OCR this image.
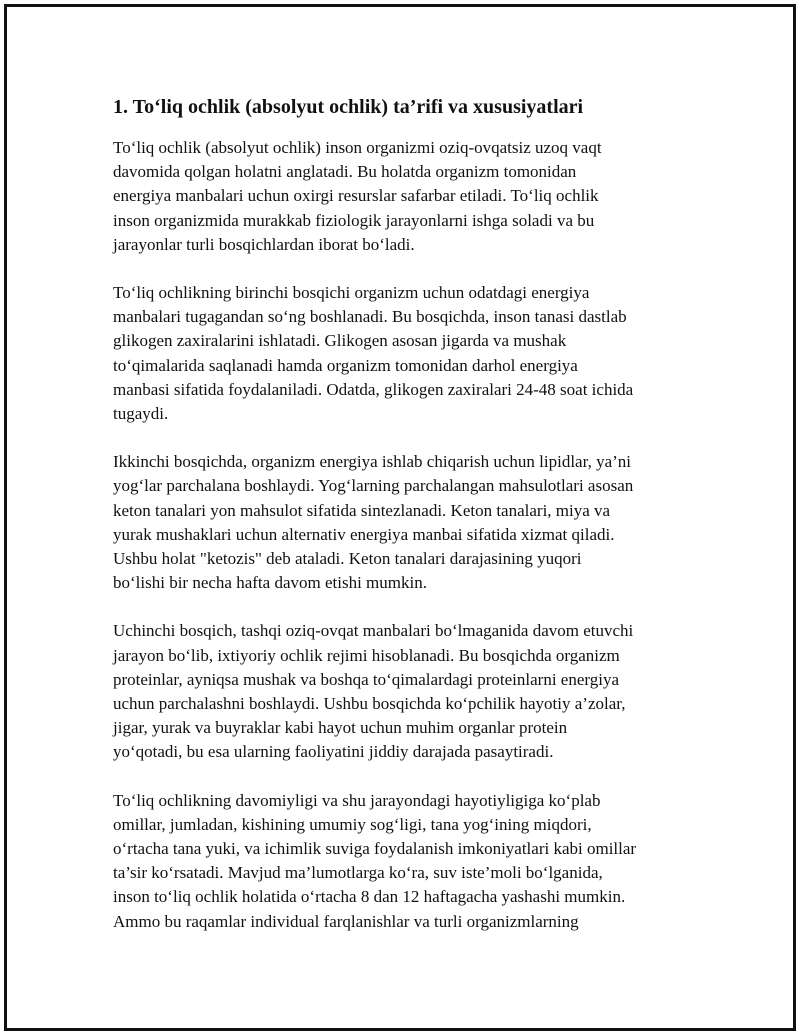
1. To‘liq ochlik (absolyut ochlik) ta’rifi va xususiyatlari
To‘liq ochlik (absolyut ochlik) inson organizmi oziq-ovqatsiz uzoq vaqt
davomida qolgan holatni anglatadi. Bu holatda organizm tomonidan
energiya manbalari uchun oxirgi resurslar safarbar etiladi. To‘liq ochlik
inson organizmida murakkab fiziologik jarayonlarni ishga soladi va bu
jarayonlar turli bosqichlardan iborat bo‘ladi.
To‘liq ochlikning birinchi bosqichi organizm uchun odatdagi energiya
manbalari tugagandan so‘ng boshlanadi. Bu bosqichda, inson tanasi dastlab
glikogen zaxiralarini ishlatadi. Glikogen asosan jigarda va mushak
to‘qimalarida saqlanadi hamda organizm tomonidan darhol energiya
manbasi sifatida foydalaniladi. Odatda, glikogen zaxiralari 24-48 soat ichida
tugaydi.
Ikkinchi bosqichda, organizm energiya ishlab chiqarish uchun lipidlar, ya’ni
yog‘lar parchalana boshlaydi. Yog‘larning parchalangan mahsulotlari asosan
keton tanalari yon mahsulot sifatida sintezlanadi. Keton tanalari, miya va
yurak mushaklari uchun alternativ energiya manbai sifatida xizmat qiladi.
Ushbu holat "ketozis" deb ataladi. Keton tanalari darajasining yuqori
bo‘lishi bir necha hafta davom etishi mumkin.
Uchinchi bosqich, tashqi oziq-ovqat manbalari bo‘lmaganida davom etuvchi
jarayon bo‘lib, ixtiyoriy ochlik rejimi hisoblanadi. Bu bosqichda organizm
proteinlar, ayniqsa mushak va boshqa to‘qimalardagi proteinlarni energiya
uchun parchalashni boshlaydi. Ushbu bosqichda ko‘pchilik hayotiy a’zolar,
jigar, yurak va buyraklar kabi hayot uchun muhim organlar protein
yo‘qotadi, bu esa ularning faoliyatini jiddiy darajada pasaytiradi.
To‘liq ochlikning davomiyligi va shu jarayondagi hayotiyligiga ko‘plab
omillar, jumladan, kishining umumiy sog‘ligi, tana yog‘ining miqdori,
o‘rtacha tana yuki, va ichimlik suviga foydalanish imkoniyatlari kabi omillar
ta’sir ko‘rsatadi. Mavjud ma’lumotlarga ko‘ra, suv iste’moli bo‘lganida,
inson to‘liq ochlik holatida o‘rtacha 8 dan 12 haftagacha yashashi mumkin.
Ammo bu raqamlar individual farqlanishlar va turli organizmlarning
